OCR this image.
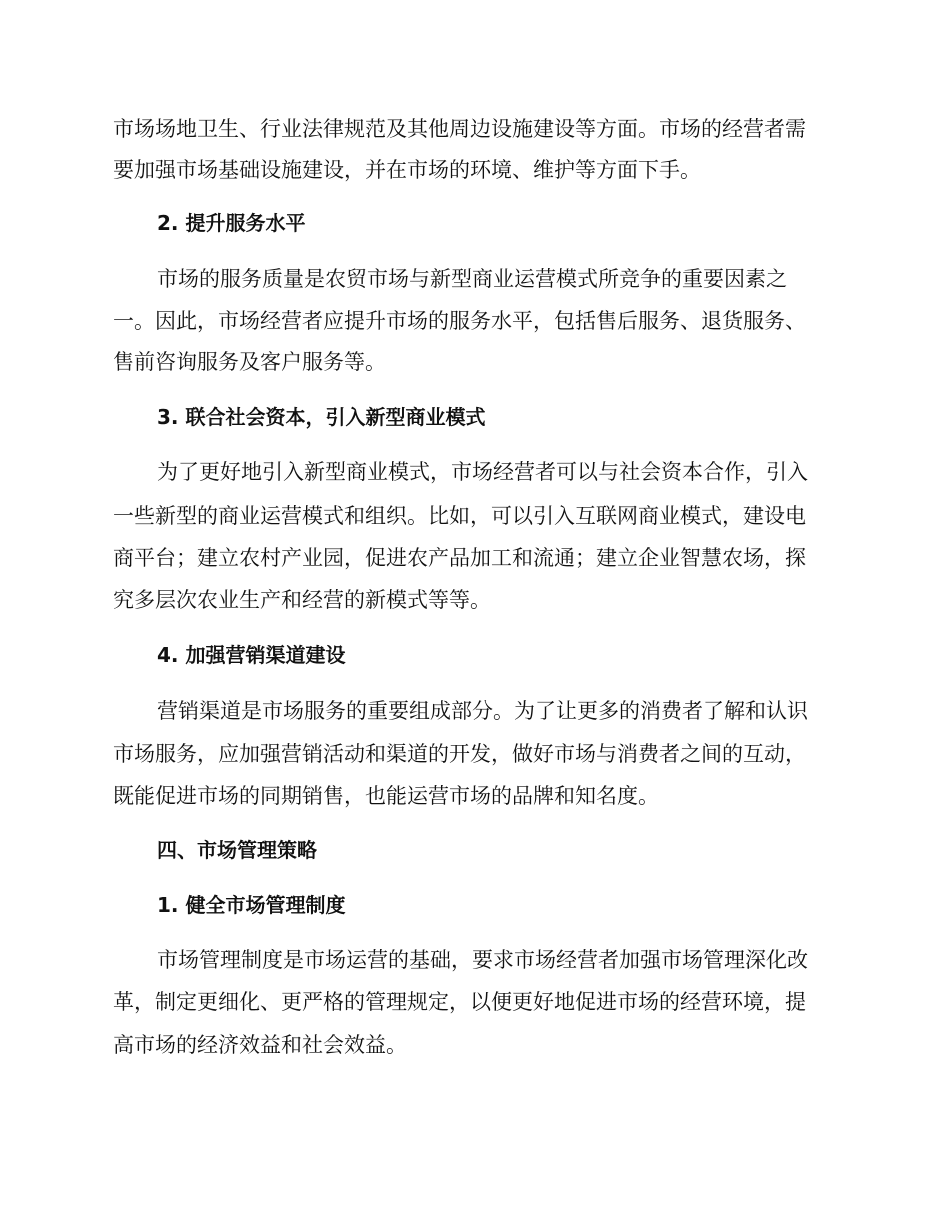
市场场地卫生、行业法律规范及其他周边设施建设等方面。市场的经营者需
要加强市场基础设施建设，并在市场的环境、维护等方面下手。
2. 提升服务水平
市场的服务质量是农贸市场与新型商业运营模式所竞争的重要因素之
一。因此，市场经营者应提升市场的服务水平，包括售后服务、退货服务、
售前咨询服务及客户服务等。
3. 联合社会资本，引入新型商业模式
为了更好地引入新型商业模式，市场经营者可以与社会资本合作，引入
一些新型的商业运营模式和组织。比如，可以引入互联网商业模式，建设电
商平台；建立农村产业园，促进农产品加工和流通；建立企业智慧农场，探
究多层次农业生产和经营的新模式等等。
4. 加强营销渠道建设
营销渠道是市场服务的重要组成部分。为了让更多的消费者了解和认识
市场服务，应加强营销活动和渠道的开发，做好市场与消费者之间的互动，
既能促进市场的同期销售，也能运营市场的品牌和知名度。
四、市场管理策略
1. 健全市场管理制度
市场管理制度是市场运营的基础，要求市场经营者加强市场管理深化改
革，制定更细化、更严格的管理规定，以便更好地促进市场的经营环境，提
高市场的经济效益和社会效益。
